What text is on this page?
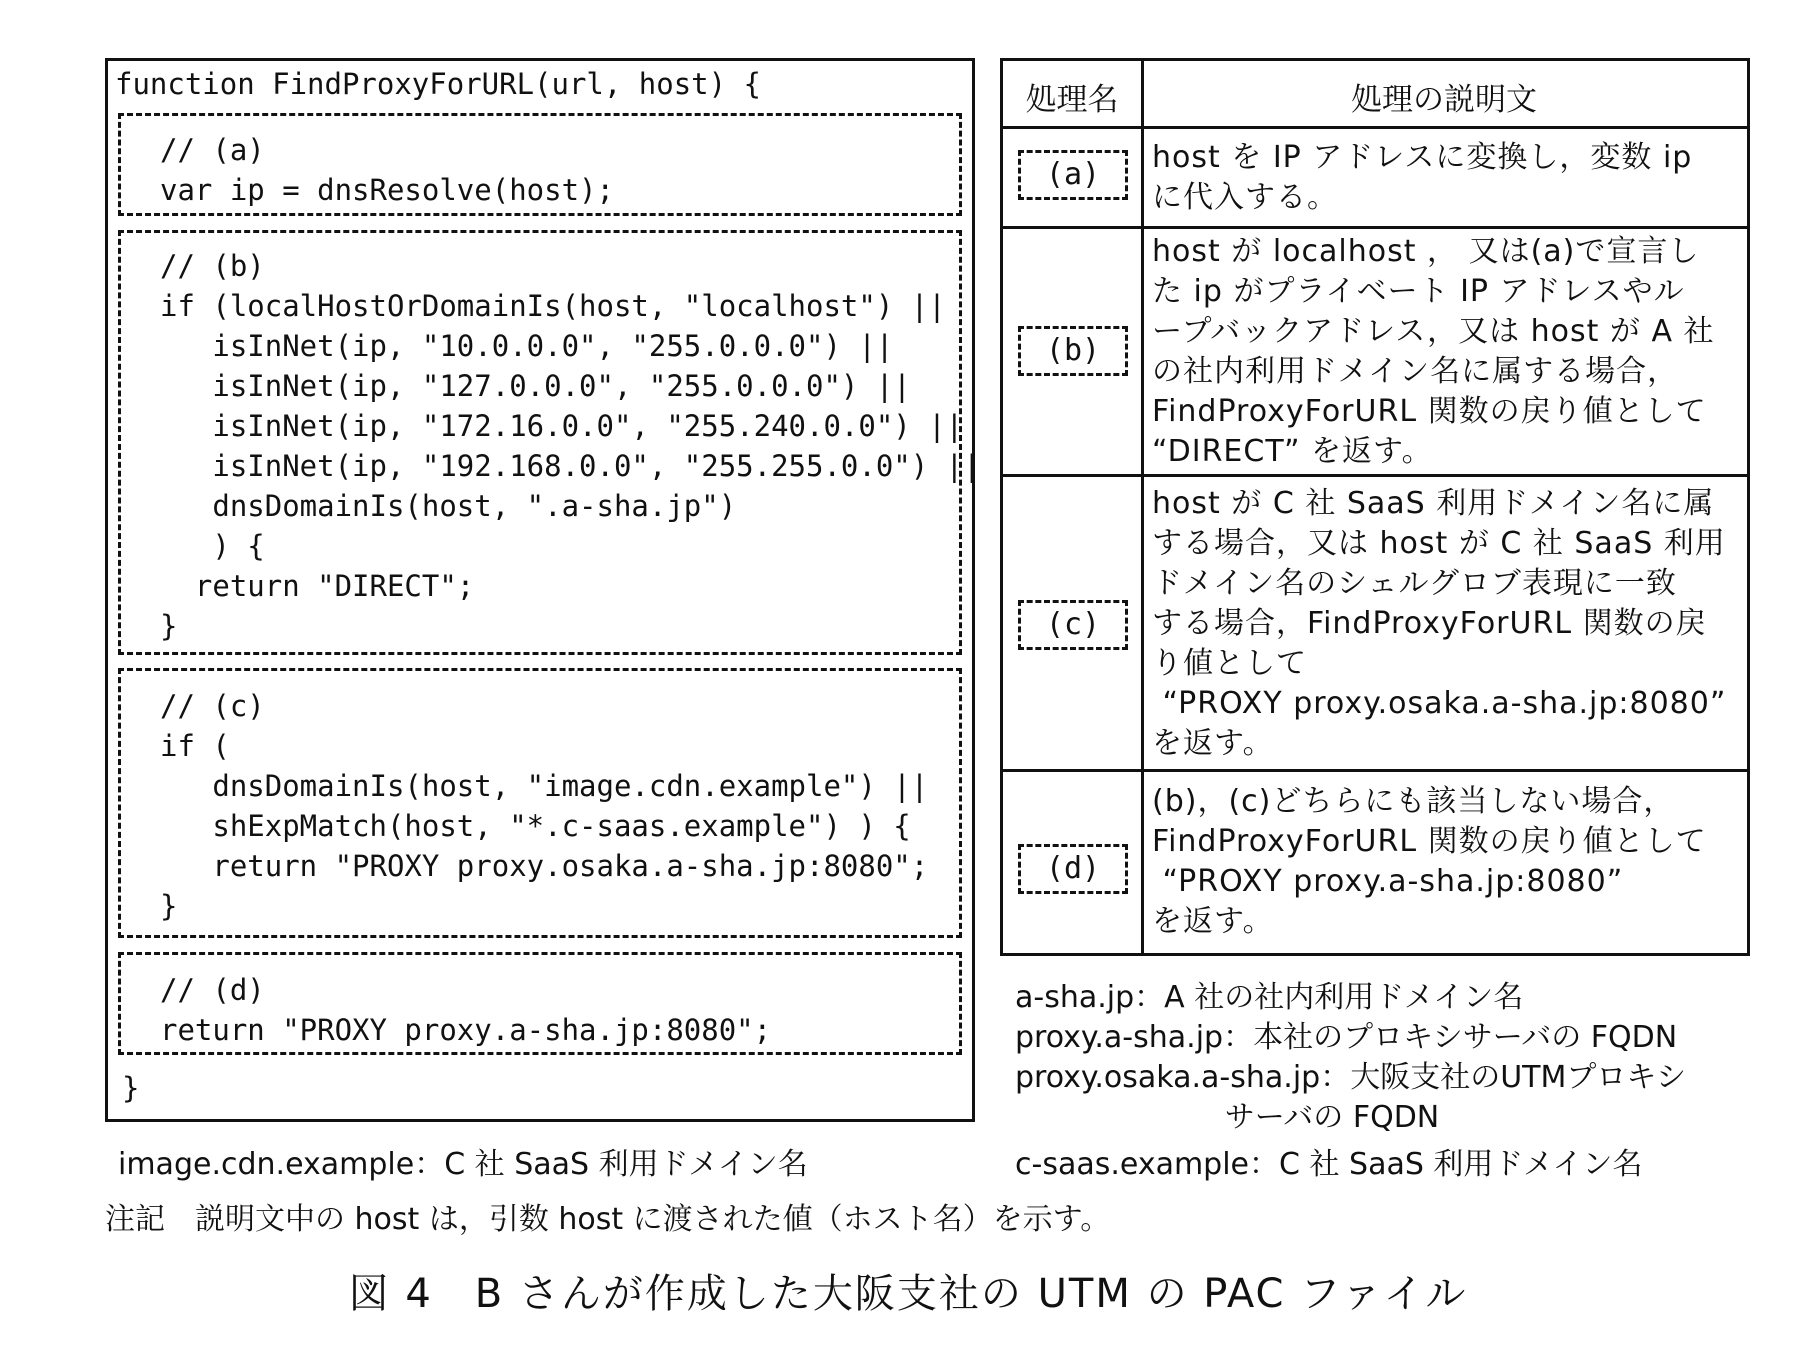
function FindProxyForURL(url, host) {
// (a)
var ip = dnsResolve(host);
// (b)
if (localHostOrDomainIs(host, "localhost") ||
isInNet(ip, "10.0.0.0", "255.0.0.0") ||
isInNet(ip, "127.0.0.0", "255.0.0.0") ||
isInNet(ip, "172.16.0.0", "255.240.0.0") ||
isInNet(ip, "192.168.0.0", "255.255.0.0") ||
dnsDomainIs(host, ".a-sha.jp")
) {
return "DIRECT";
}
// (c)
if (
dnsDomainIs(host, "image.cdn.example") ||
shExpMatch(host, "*.c-saas.example") ) {
return "PROXY proxy.osaka.a-sha.jp:8080";
}
// (d)
return "PROXY proxy.a-sha.jp:8080";
}
処理名	処理の説明文
(a)	host を IP アドレスに変換し，変数 ip
に代入する。
(b)
host が localhost ， 又は(a)で宣言し
た ip がプライベート IP アドレスやル
ープバックアドレス，又は host が A 社
の社内利用ドメイン名に属する場合，
FindProxyForURL 関数の戻り値として
“DIRECT” を返す。
(c)
host が C 社 SaaS 利用ドメイン名に属
する場合，又は host が C 社 SaaS 利用
ドメイン名のシェルグロブ表現に一致
する場合，FindProxyForURL 関数の戻
り値として
“PROXY proxy.osaka.a-sha.jp:8080”
を返す。
(d)
(b)，(c)どちらにも該当しない場合，
FindProxyForURL 関数の戻り値として
“PROXY proxy.a-sha.jp:8080”
を返す。
a-sha.jp：A 社の社内利用ドメイン名
proxy.a-sha.jp：本社のプロキシサーバの FQDN
proxy.osaka.a-sha.jp：大阪支社のUTMプロキシ
サーバの FQDN
image.cdn.example：C 社 SaaS 利用ドメイン名	c-saas.example：C 社 SaaS 利用ドメイン名
注記　説明文中の host は，引数 host に渡された値（ホスト名）を示す。
図 4　B さんが作成した大阪支社の UTM の PAC ファイル
